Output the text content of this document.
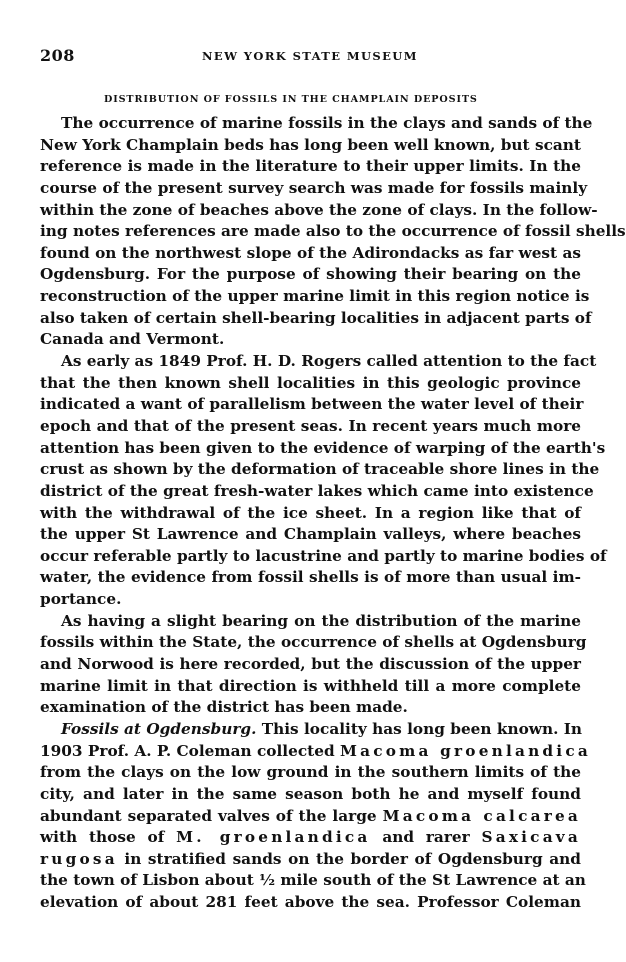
208	NEW YORK STATE MUSEUM
DISTRIBUTION OF FOSSILS IN THE CHAMPLAIN DEPOSITS
The occurrence of marine fossils in the clays and sands of the
New York Champlain beds has long been well known, but scant
reference is made in the literature to their upper limits. In the
course of the present survey search was made for fossils mainly
within the zone of beaches above the zone of clays. In the follow-
ing notes references are made also to the occurrence of fossil shells
found on the northwest slope of the Adirondacks as far west as
Ogdensburg. For the purpose of showing their bearing on the
reconstruction of the upper marine limit in this region notice is
also taken of certain shell-bearing localities in adjacent parts of
Canada and Vermont.
As early as 1849 Prof. H. D. Rogers called attention to the fact
that the then known shell localities in this geologic province
indicated a want of parallelism between the water level of their
epoch and that of the present seas. In recent years much more
attention has been given to the evidence of warping of the earth's
crust as shown by the deformation of traceable shore lines in the
district of the great fresh-water lakes which came into existence
with the withdrawal of the ice sheet. In a region like that of
the upper St Lawrence and Champlain valleys, where beaches
occur referable partly to lacustrine and partly to marine bodies of
water, the evidence from fossil shells is of more than usual im-
portance.
As having a slight bearing on the distribution of the marine
fossils within the State, the occurrence of shells at Ogdensburg
and Norwood is here recorded, but the discussion of the upper
marine limit in that direction is withheld till a more complete
examination of the district has been made.
Fossils at Ogdensburg. This locality has long been known. In
1903 Prof. A. P. Coleman collected Macoma groenlandica
from the clays on the low ground in the southern limits of the
city, and later in the same season both he and myself found
abundant separated valves of the large Macoma calcarea
with those of M. groenlandica and rarer Saxicava
rugosa in stratified sands on the border of Ogdensburg and
the town of Lisbon about ½ mile south of the St Lawrence at an
elevation of about 281 feet above the sea. Professor Coleman
